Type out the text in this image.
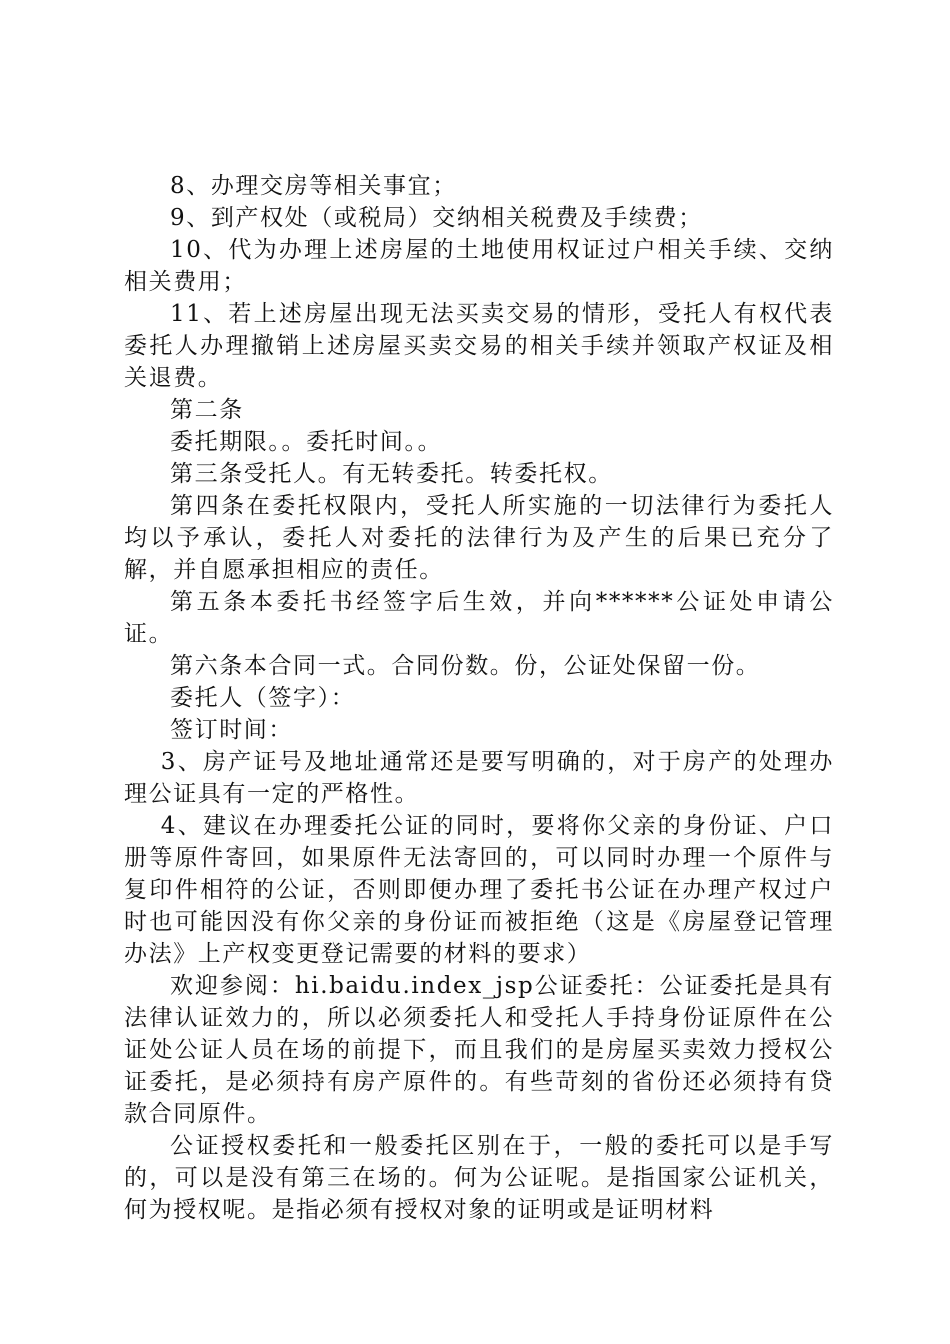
8、办理交房等相关事宜；

9、到产权处（或税局）交纳相关税费及手续费；

10、代为办理上述房屋的土地使用权证过户相关手续、交纳相关费用；

11、若上述房屋出现无法买卖交易的情形，受托人有权代表委托人办理撤销上述房屋买卖交易的相关手续并领取产权证及相关退费。

第二条

委托期限。。委托时间。。

第三条受托人。有无转委托。转委托权。

第四条在委托权限内，受托人所实施的一切法律行为委托人均以予承认，委托人对委托的法律行为及产生的后果已充分了解，并自愿承担相应的责任。

第五条本委托书经签字后生效，并向******公证处申请公证。

第六条本合同一式。合同份数。份，公证处保留一份。

委托人（签字）：

签订时间：

3、房产证号及地址通常还是要写明确的，对于房产的处理办理公证具有一定的严格性。

4、建议在办理委托公证的同时，要将你父亲的身份证、户口册等原件寄回，如果原件无法寄回的，可以同时办理一个原件与复印件相符的公证，否则即便办理了委托书公证在办理产权过户时也可能因没有你父亲的身份证而被拒绝（这是《房屋登记管理办法》上产权变更登记需要的材料的要求）

欢迎参阅：hi.baidu.index_jsp公证委托：公证委托是具有法律认证效力的，所以必须委托人和受托人手持身份证原件在公证处公证人员在场的前提下，而且我们的是房屋买卖效力授权公证委托，是必须持有房产原件的。有些苛刻的省份还必须持有贷款合同原件。

公证授权委托和一般委托区别在于，一般的委托可以是手写的，可以是没有第三在场的。何为公证呢。是指国家公证机关，何为授权呢。是指必须有授权对象的证明或是证明材料
